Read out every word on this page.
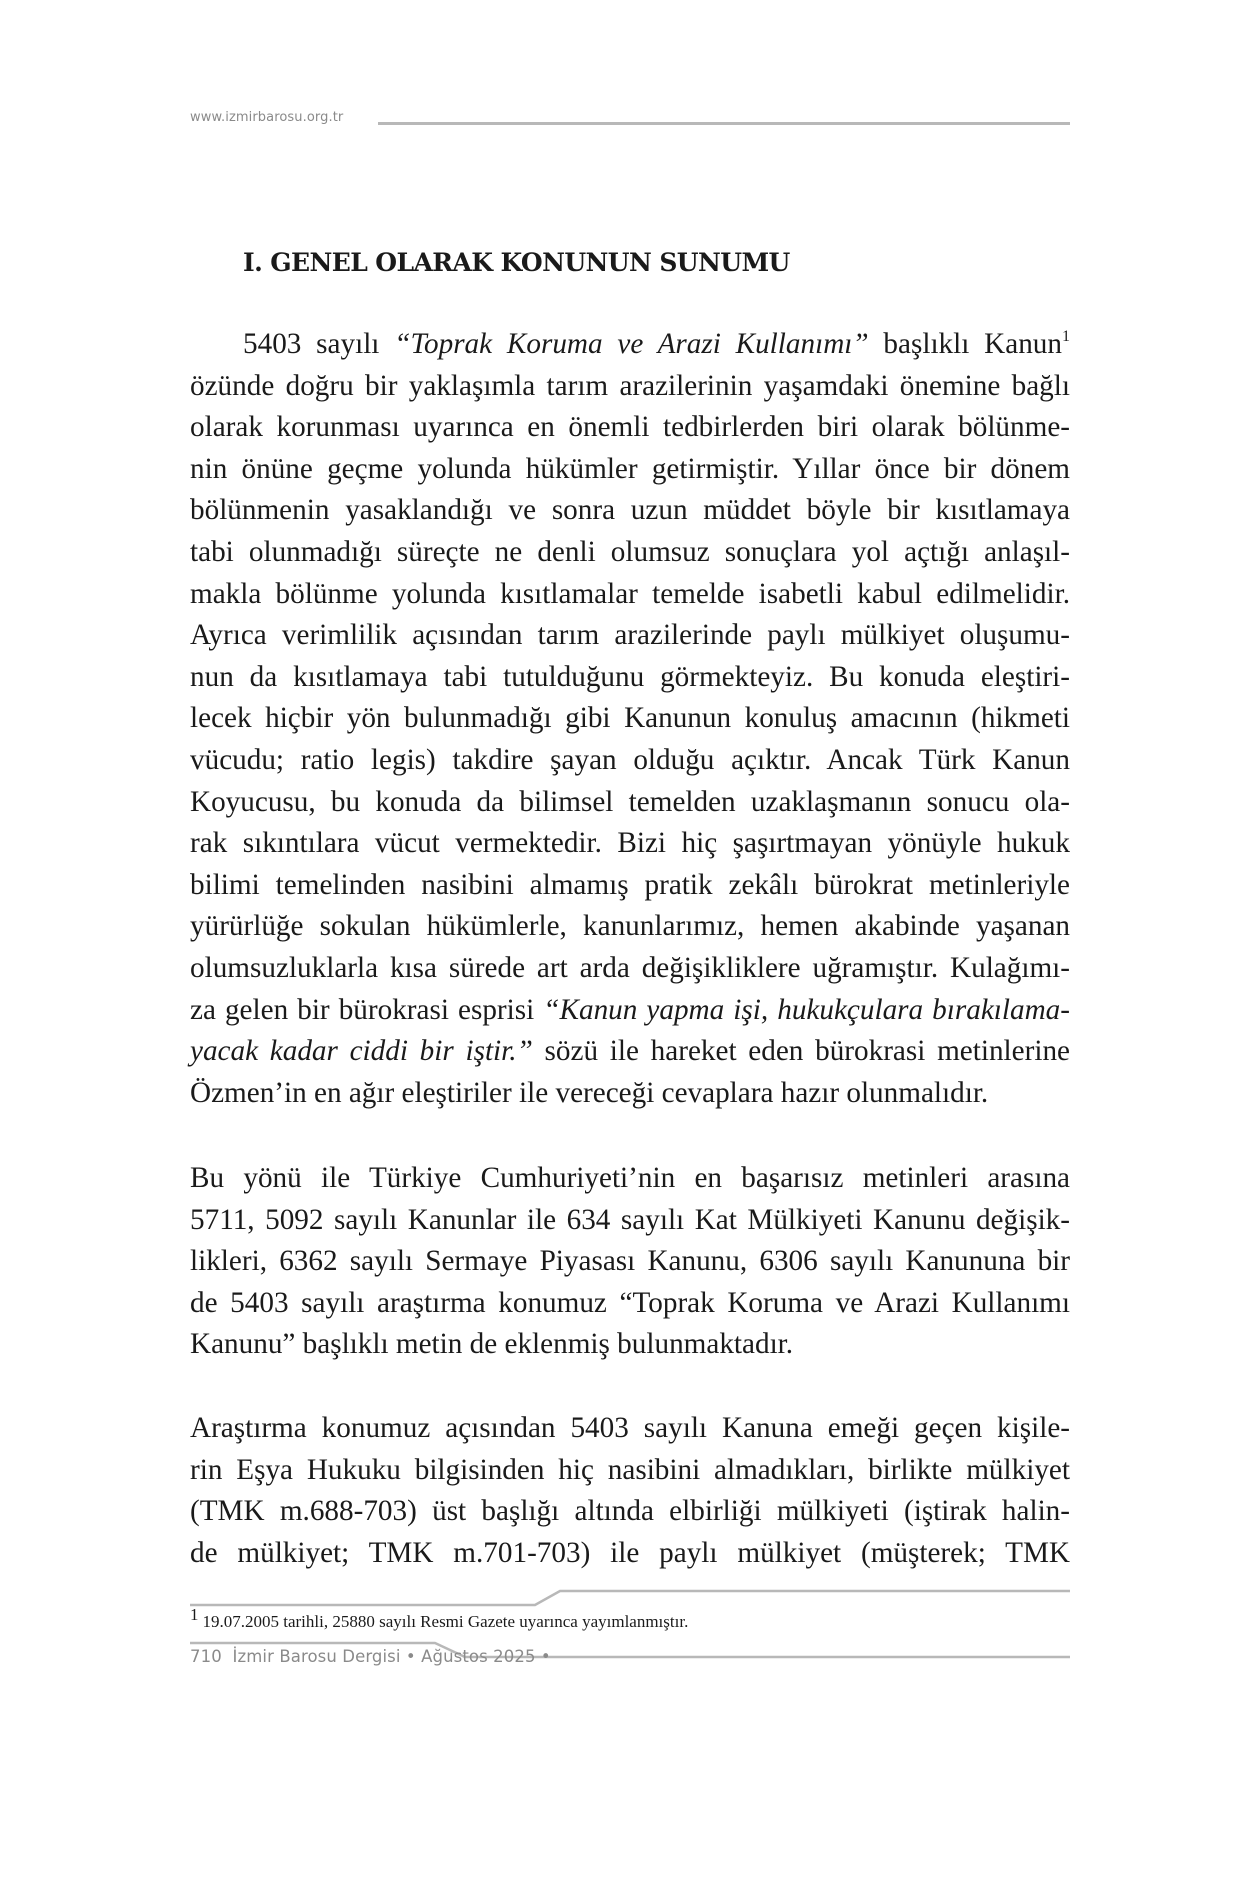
www.izmirbarosu.org.tr
I. GENEL OLARAK KONUNUN SUNUMU
5403 sayılı “Toprak Koruma ve Arazi Kullanımı” başlıklı Kanun$^1$
özünde doğru bir yaklaşımla tarım arazilerinin yaşamdaki önemine bağlı
olarak korunması uyarınca en önemli tedbirlerden biri olarak bölünme-
nin önüne geçme yolunda hükümler getirmiştir. Yıllar önce bir dönem
bölünmenin yasaklandığı ve sonra uzun müddet böyle bir kısıtlamaya
tabi olunmadığı süreçte ne denli olumsuz sonuçlara yol açtığı anlaşıl-
makla bölünme yolunda kısıtlamalar temelde isabetli kabul edilmelidir.
Ayrıca verimlilik açısından tarım arazilerinde paylı mülkiyet oluşumu-
nun da kısıtlamaya tabi tutulduğunu görmekteyiz. Bu konuda eleştiri-
lecek hiçbir yön bulunmadığı gibi Kanunun konuluş amacının (hikmeti
vücudu; ratio legis) takdire şayan olduğu açıktır. Ancak Türk Kanun
Koyucusu, bu konuda da bilimsel temelden uzaklaşmanın sonucu ola-
rak sıkıntılara vücut vermektedir. Bizi hiç şaşırtmayan yönüyle hukuk
bilimi temelinden nasibini almamış pratik zekâlı bürokrat metinleriyle
yürürlüğe sokulan hükümlerle, kanunlarımız, hemen akabinde yaşanan
olumsuzluklarla kısa sürede art arda değişikliklere uğramıştır. Kulağımı-
za gelen bir bürokrasi esprisi “Kanun yapma işi, hukukçulara bırakılama-
yacak kadar ciddi bir iştir.” sözü ile hareket eden bürokrasi metinlerine
Özmen’in en ağır eleştiriler ile vereceği cevaplara hazır olunmalıdır.
Bu yönü ile Türkiye Cumhuriyeti’nin en başarısız metinleri arasına
5711, 5092 sayılı Kanunlar ile 634 sayılı Kat Mülkiyeti Kanunu değişik-
likleri, 6362 sayılı Sermaye Piyasası Kanunu, 6306 sayılı Kanununa bir
de 5403 sayılı araştırma konumuz “Toprak Koruma ve Arazi Kullanımı
Kanunu” başlıklı metin de eklenmiş bulunmaktadır.
Araştırma konumuz açısından 5403 sayılı Kanuna emeği geçen kişile-
rin Eşya Hukuku bilgisinden hiç nasibini almadıkları, birlikte mülkiyet
(TMK m.688-703) üst başlığı altında elbirliği mülkiyeti (iştirak halin-
de mülkiyet; TMK m.701-703) ile paylı mülkiyet (müşterek; TMK
1 19.07.2005 tarihli, 25880 sayılı Resmi Gazete uyarınca yayımlanmıştır.
710 İzmir Barosu Dergisi • Ağustos 2025 •
